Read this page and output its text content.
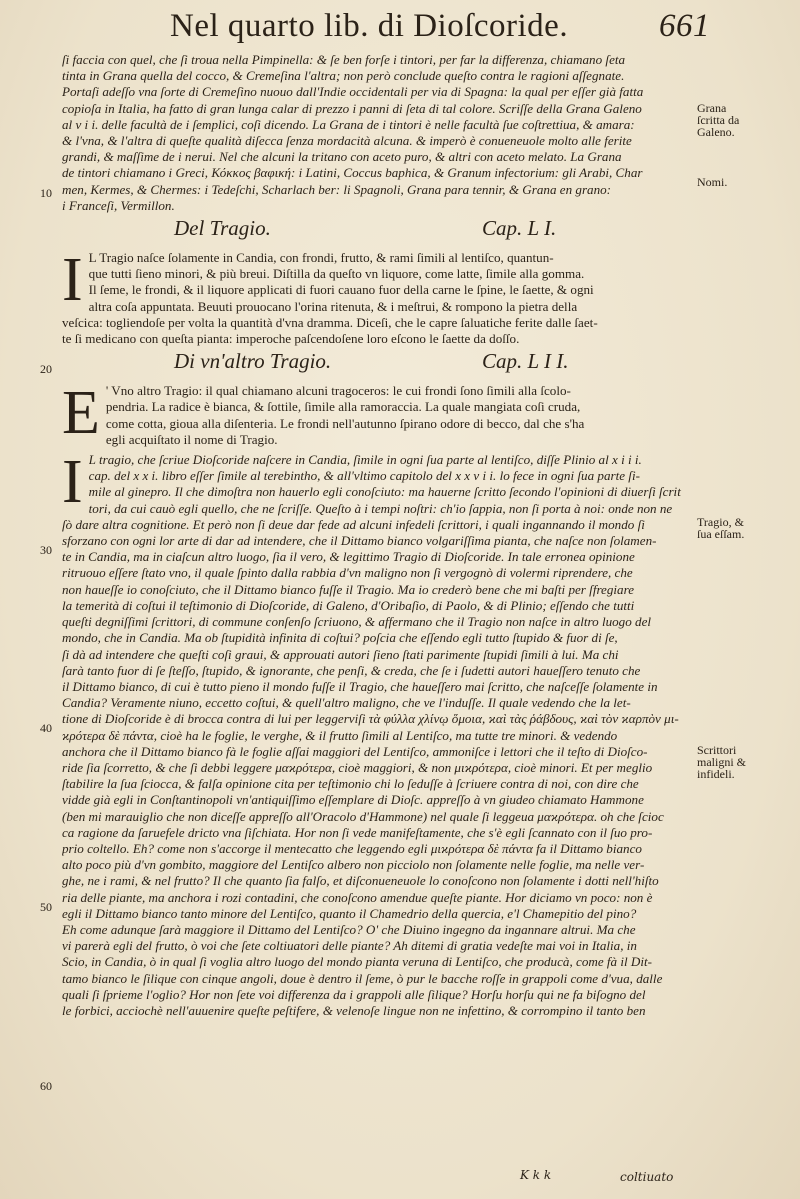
Nel quarto lib. di Dioſcoride.	661
ſi faccia con quel, che ſi troua nella Pimpinella: & ſe ben forſe i tintori, per far la differenza, chiamano ſeta
tinta in Grana quella del cocco, & Cremeſina l'altra; non però conclude queſto contra le ragioni aſſegnate.
Portaſi adeſſo vna ſorte di Cremeſino nuouo dall'Indie occidentali per via di Spagna: la qual per eſſer già fatta
copioſa in Italia, ha fatto di gran lunga calar di prezzo i panni di ſeta di tal colore. Scriſſe della Grana Galeno
al v i i. delle facultà de i ſemplici, coſi dicendo. La Grana de i tintori è nelle facultà ſue coſtrettiua, & amara:
& l'vna, & l'altra di queſte qualità diſecca ſenza mordacità alcuna. & imperò è conueneuole molto alle ferite
grandi, & maſſime de i nerui. Nel che alcuni la tritano con aceto puro, & altri con aceto melato. La Grana
de tintori chiamano i Greci, Κόκκος βαφική: i Latini, Coccus baphica, & Granum infectorium: gli Arabi, Char
men, Kermes, & Chermes: i Tedeſchi, Scharlach ber: li Spagnoli, Grana para tennir, & Grana en grano:
i Franceſi, Vermillon.
Del Tragio.	Cap. L I.
I L Tragio naſce ſolamente in Candia, con frondi, frutto, & rami ſimili al lentiſco, quantun-
que tutti ſieno minori, & più breui. Diſtilla da queſto vn liquore, come latte, ſimile alla gomma.
Il ſeme, le frondi, & il liquore applicati di fuori cauano fuor della carne le ſpine, le ſaette, & ogni
altra coſa appuntata. Beuuti prouocano l'orina ritenuta, & i meſtrui, & rompono la pietra della
veſcica: togliendoſe per volta la quantità d'vna dramma. Diceſi, che le capre ſaluatiche ferite dalle ſaet-
te ſi medicano con queſta pianta: imperoche paſcendoſene loro eſcono le ſaette da doſſo.
Di vn'altro Tragio.	Cap. L I I.
E ' Vno altro Tragio: il qual chiamano alcuni tragoceros: le cui frondi ſono ſimili alla ſcolo-
pendria. La radice è bianca, & ſottile, ſimile alla ramoraccia. La quale mangiata coſi cruda,
come cotta, gioua alla diſenteria. Le frondi nell'autunno ſpirano odore di becco, dal che s'ha
egli acquiſtato il nome di Tragio.
I L tragio, che ſcriue Dioſcoride naſcere in Candia, ſimile in ogni ſua parte al lentiſco, diſſe Plinio al x i i i.
cap. del x x i. libro eſſer ſimile al terebintho, & all'vltimo capitolo del x x v i i. lo fece in ogni ſua parte ſi-
mile al ginepro. Il che dimoſtra non hauerlo egli conoſciuto: ma hauerne ſcritto ſecondo l'opinioni di diuerſi ſcrit
tori, da cui cauò egli quello, che ne ſcriſſe. Queſto à i tempi noſtri: ch'io ſappia, non ſi porta à noi: onde non ne
ſò dare altra cognitione. Et però non ſi deue dar fede ad alcuni infedeli ſcrittori, i quali ingannando il mondo ſi
sforzano con ogni lor arte di dar ad intendere, che il Dittamo bianco volgariſſima pianta, che naſce non ſolamen-
te in Candia, ma in ciaſcun altro luogo, ſia il vero, & legittimo Tragio di Dioſcoride. In tale erronea opinione
ritruouo eſſere ſtato vno, il quale ſpinto dalla rabbia d'vn maligno non ſi vergognò di volermi riprendere, che
non haueſſe io conoſciuto, che il Dittamo bianco fuſſe il Tragio. Ma io crederò bene che mi baſti per ſfregiare
la temerità di coſtui il teſtimonio di Dioſcoride, di Galeno, d'Oribaſio, di Paolo, & di Plinio; eſſendo che tutti
queſti degniſſimi ſcrittori, di commune conſenſo ſcriuono, & affermano che il Tragio non naſce in altro luogo del
mondo, che in Candia. Ma ob ſtupidità infinita di coſtui? poſcia che eſſendo egli tutto ſtupido & fuor di ſe,
ſi dà ad intendere che queſti coſi graui, & approuati autori ſieno ſtati parimente ſtupidi ſimili à lui. Ma chi
ſarà tanto fuor di ſe ſteſſo, ſtupido, & ignorante, che penſi, & creda, che ſe i ſudetti autori haueſſero tenuto che
il Dittamo bianco, di cui è tutto pieno il mondo fuſſe il Tragio, che haueſſero mai ſcritto, che naſceſſe ſolamente in
Candia? Veramente niuno, eccetto coſtui, & quell'altro maligno, che ve l'induſſe. Il quale vedendo che la let-
tione di Dioſcoride è di brocca contra di lui per leggerviſi τὰ φύλλα χλίνῳ ὅμοια, ϰαὶ τὰς ῥάβδους, ϰαὶ τὸν ϰαρπὸν μι-
ϰρότερα δὲ πάντα, cioè ha le foglie, le verghe, & il frutto ſimili al Lentiſco, ma tutte tre minori. & vedendo
anchora che il Dittamo bianco fà le foglie aſſai maggiori del Lentiſco, ammoniſce i lettori che il teſto di Dioſco-
ride ſia ſcorretto, & che ſi debbi leggere μαϰρότερα, cioè maggiori, & non μιϰρότερα, cioè minori. Et per meglio
ſtabilire la ſua ſciocca, & falſa opinione cita per teſtimonio chi lo ſeduſſe à ſcriuere contra di noi, con dire che
vidde già egli in Conſtantinopoli vn'antiquiſſimo eſſemplare di Dioſc. appreſſo à vn giudeo chiamato Hammone
(ben mi marauiglio che non diceſſe appreſſo all'Oracolo d'Hammone) nel quale ſi leggeua μαϰρότερα. oh che ſcioc
ca ragione da ſaruefele dricto vna ſiſchiata. Hor non ſi vede manifeſtamente, che s'è egli ſcannato con il ſuo pro-
prio coltello. Eh? come non s'accorge il mentecatto che leggendo egli μιϰρότερα δὲ πάντα fa il Dittamo bianco
alto poco più d'vn gombito, maggiore del Lentiſco albero non picciolo non ſolamente nelle foglie, ma nelle ver-
ghe, ne i rami, & nel frutto? Il che quanto ſia falſo, et diſconueneuole lo conoſcono non ſolamente i dotti nell'hiſto
ria delle piante, ma anchora i rozi contadini, che conoſcono amendue queſte piante. Hor diciamo vn poco: non è
egli il Dittamo bianco tanto minore del Lentiſco, quanto il Chamedrio della quercia, e'l Chamepitio del pino?
Eh come adunque ſarà maggiore il Dittamo del Lentiſco? O' che Diuino ingegno da ingannare altrui. Ma che
vi parerà egli del frutto, ò voi che ſete coltiuatori delle piante? Ah ditemi di gratia vedeſte mai voi in Italia, in
Scio, in Candia, ò in qual ſi voglia altro luogo del mondo pianta veruna di Lentiſco, che producà, come fà il Dit-
tamo bianco le ſilique con cinque angoli, doue è dentro il ſeme, ò pur le bacche roſſe in grappoli come d'vua, dalle
quali ſi ſprieme l'oglio? Hor non ſete voi differenza da i grappoli alle ſilique? Horſu horſu qui ne fa biſogno del
le forbici, acciochè nell'auuenire queſte peſtifere, & velenoſe lingue non ne infettino, & corrompino il tanto ben
Grana
ſcritta da
Galeno.
Nomi.
Tragio, &
ſua eſſam.
Scrittori
maligni &
infideli.
10
20
30
40
50
60
K k k	coltiuato
